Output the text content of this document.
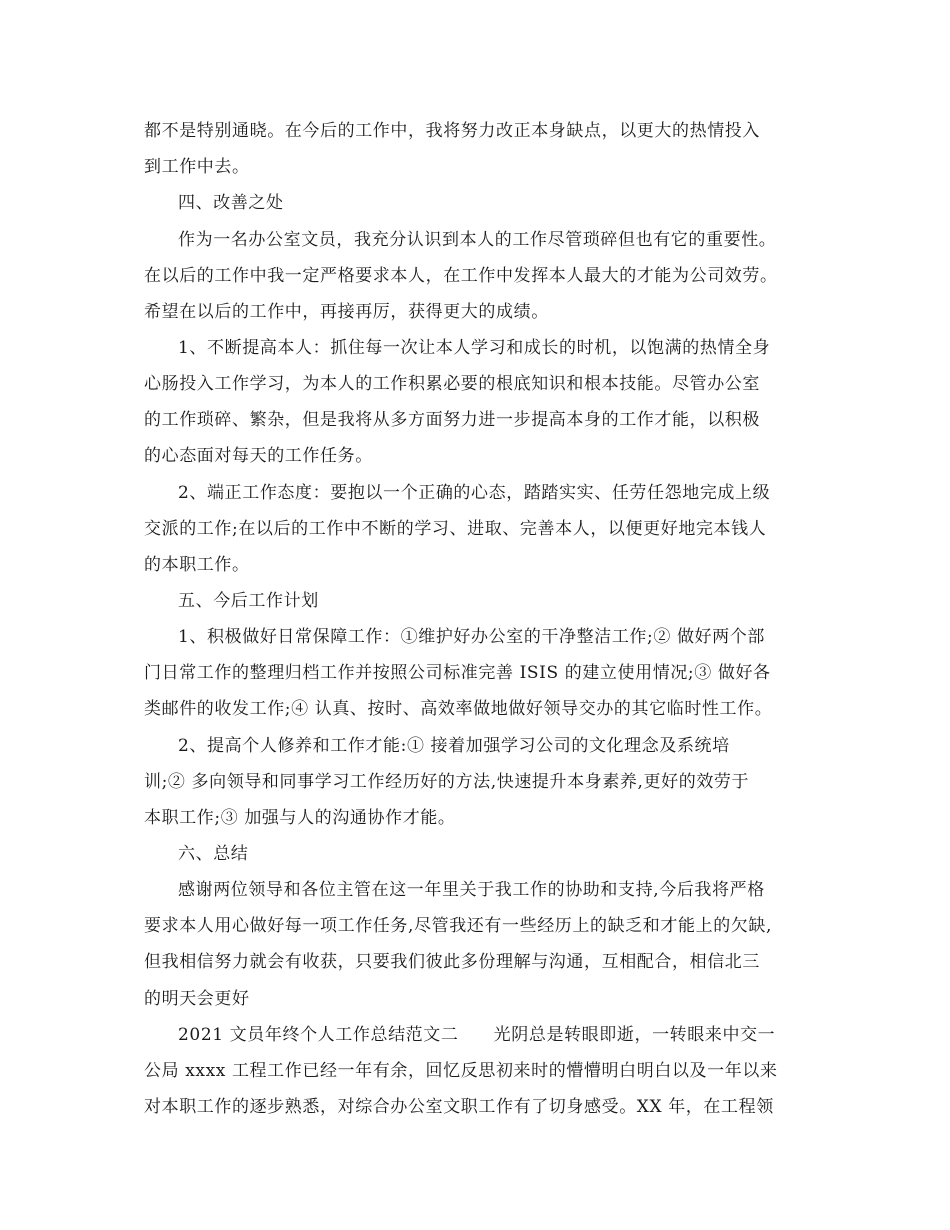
都不是特别通晓。在今后的工作中，我将努力改正本身缺点，以更大的热情投入
到工作中去。
四、改善之处
作为一名办公室文员，我充分认识到本人的工作尽管琐碎但也有它的重要性。
在以后的工作中我一定严格要求本人，在工作中发挥本人最大的才能为公司效劳。
希望在以后的工作中，再接再厉，获得更大的成绩。
1、不断提高本人：抓住每一次让本人学习和成长的时机，以饱满的热情全身
心肠投入工作学习，为本人的工作积累必要的根底知识和根本技能。尽管办公室
的工作琐碎、繁杂，但是我将从多方面努力进一步提高本身的工作才能，以积极
的心态面对每天的工作任务。
2、端正工作态度：要抱以一个正确的心态，踏踏实实、任劳任怨地完成上级
交派的工作;在以后的工作中不断的学习、进取、完善本人，以便更好地完本钱人
的本职工作。
五、今后工作计划
1、积极做好日常保障工作：①维护好办公室的干净整洁工作;② 做好两个部
门日常工作的整理归档工作并按照公司标准完善 ISIS 的建立使用情况;③ 做好各
类邮件的收发工作;④ 认真、按时、高效率做地做好领导交办的其它临时性工作。
2、提高个人修养和工作才能:① 接着加强学习公司的文化理念及系统培
训;② 多向领导和同事学习工作经历好的方法,快速提升本身素养,更好的效劳于
本职工作;③ 加强与人的沟通协作才能。
六、总结
感谢两位领导和各位主管在这一年里关于我工作的协助和支持,今后我将严格
要求本人用心做好每一项工作任务,尽管我还有一些经历上的缺乏和才能上的欠缺,
但我相信努力就会有收获，只要我们彼此多份理解与沟通，互相配合，相信北三
的明天会更好
2021 文员年终个人工作总结范文二　　光阴总是转眼即逝，一转眼来中交一
公局 xxxx 工程工作已经一年有余，回忆反思初来时的懵懵明白明白以及一年以来
对本职工作的逐步熟悉，对综合办公室文职工作有了切身感受。XX 年，在工程领
